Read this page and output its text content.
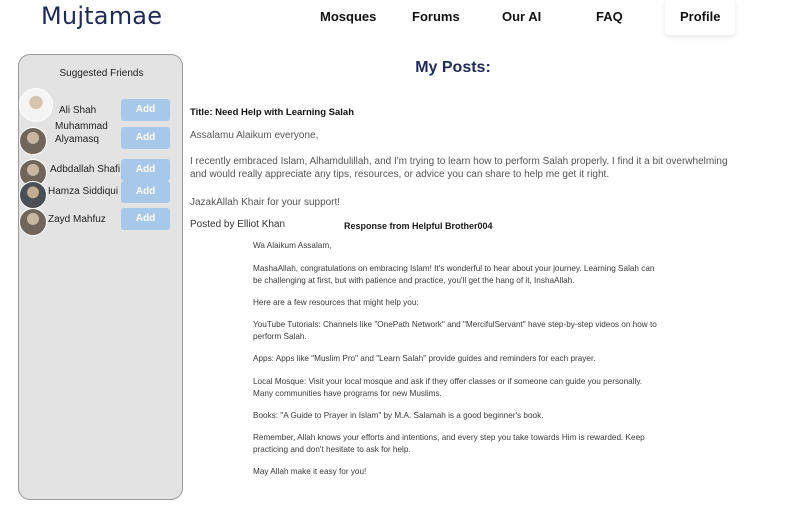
Mujtamae	Mosques	Forums	Our AI	FAQ	Profile
Suggested Friends
Ali Shah	Add
Muhammad
Alyamasq	Add
Adbdallah Shafi	Add
Hamza Siddiqui	Add
Zayd Mahfuz	Add
My Posts:
Title: Need Help with Learning Salah
Assalamu Alaikum everyone,
I recently embraced Islam, Alhamdulillah, and I'm trying to learn how to perform Salah properly. I find it a bit overwhelming
and would really appreciate any tips, resources, or advice you can share to help me get it right.
JazakAllah Khair for your support!
Posted by Elliot Khan	Response from Helpful Brother004
Wa Alaikum Assalam,
MashaAllah, congratulations on embracing Islam! It's wonderful to hear about your journey. Learning Salah can
be challenging at first, but with patience and practice, you'll get the hang of it, InshaAllah.
Here are a few resources that might help you:
YouTube Tutorials: Channels like "OnePath Network" and "MercifulServant" have step-by-step videos on how to
perform Salah.
Apps: Apps like "Muslim Pro" and "Learn Salah" provide guides and reminders for each prayer.
Local Mosque: Visit your local mosque and ask if they offer classes or if someone can guide you personally.
Many communities have programs for new Muslims.
Books: "A Guide to Prayer in Islam" by M.A. Salamah is a good beginner's book.
Remember, Allah knows your efforts and intentions, and every step you take towards Him is rewarded. Keep
practicing and don't hesitate to ask for help.
May Allah make it easy for you!
